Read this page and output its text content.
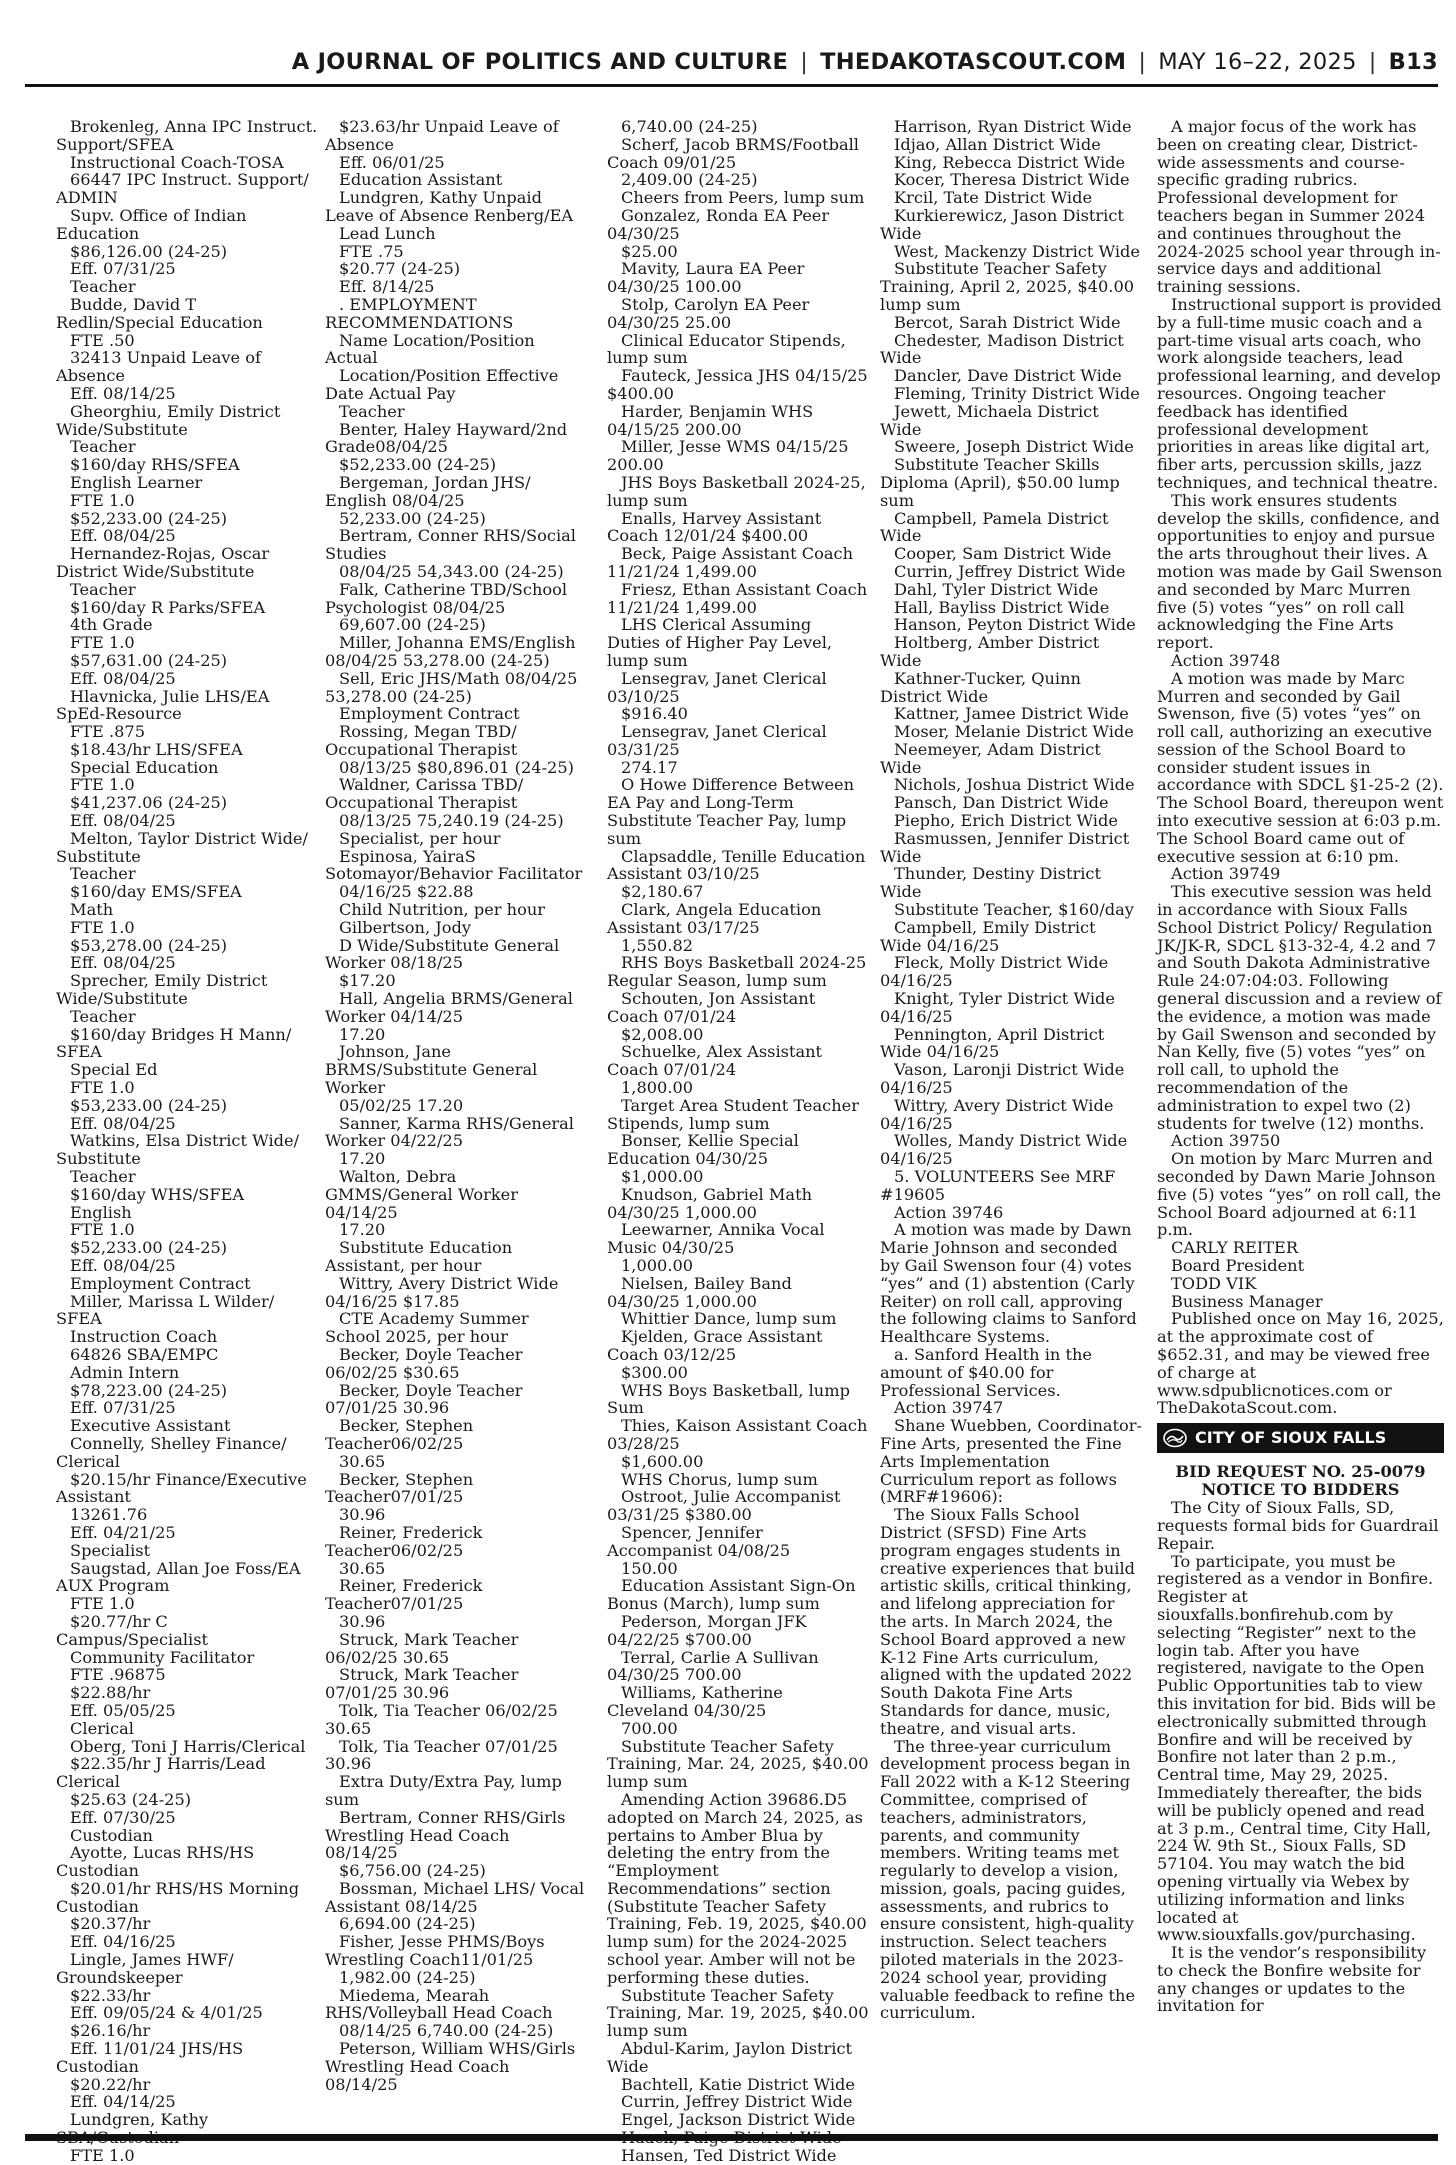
A JOURNAL OF POLITICS AND CULTURE | THEDAKOTASCOUT.COM | MAY 16–22, 2025 | B13
Brokenleg, Anna IPC Instruct. Support/SFEA
Instructional Coach-TOSA
66447 IPC Instruct. Support/ ADMIN
Supv. Office of Indian Education
$86,126.00 (24-25)
Eff. 07/31/25
Teacher
Budde, David T Redlin/Special Education
FTE .50
32413 Unpaid Leave of Absence
Eff. 08/14/25
Gheorghiu, Emily District Wide/Substitute
Teacher
$160/day RHS/SFEA
English Learner
FTE 1.0
$52,233.00 (24-25)
Eff. 08/04/25
Hernandez-Rojas, Oscar District Wide/Substitute
Teacher
$160/day R Parks/SFEA
4th Grade
FTE 1.0
$57,631.00 (24-25)
Eff. 08/04/25
Hlavnicka, Julie LHS/EA SpEd-Resource
FTE .875
$18.43/hr LHS/SFEA
Special Education
FTE 1.0
$41,237.06 (24-25)
Eff. 08/04/25
Melton, Taylor District Wide/ Substitute
Teacher
$160/day EMS/SFEA
Math
FTE 1.0
$53,278.00 (24-25)
Eff. 08/04/25
Sprecher, Emily District Wide/Substitute
Teacher
$160/day Bridges H Mann/ SFEA
Special Ed
FTE 1.0
$53,233.00 (24-25)
Eff. 08/04/25
Watkins, Elsa District Wide/ Substitute
Teacher
$160/day WHS/SFEA
English
FTE 1.0
$52,233.00 (24-25)
Eff. 08/04/25
Employment Contract
Miller, Marissa L Wilder/ SFEA
Instruction Coach
64826 SBA/EMPC
Admin Intern
$78,223.00 (24-25)
Eff. 07/31/25
Executive Assistant
Connelly, Shelley Finance/ Clerical
$20.15/hr Finance/Executive Assistant
13261.76
Eff. 04/21/25
Specialist
Saugstad, Allan Joe Foss/EA AUX Program
FTE 1.0
$20.77/hr C Campus/Specialist
Community Facilitator
FTE .96875
$22.88/hr
Eff. 05/05/25
Clerical
Oberg, Toni J Harris/Clerical
$22.35/hr J Harris/Lead Clerical
$25.63 (24-25)
Eff. 07/30/25
Custodian
Ayotte, Lucas RHS/HS Custodian
$20.01/hr RHS/HS Morning Custodian
$20.37/hr
Eff. 04/16/25
Lingle, James HWF/ Groundskeeper
$22.33/hr
Eff. 09/05/24 & 4/01/25
$26.16/hr
Eff. 11/01/24 JHS/HS Custodian
$20.22/hr
Eff. 04/14/25
Lundgren, Kathy
FTE 1.0
$23.63/hr Unpaid Leave of Absence
Eff. 06/01/25
Education Assistant
Lundgren, Kathy Unpaid Leave of Absence Renberg/EA
Lead Lunch
FTE .75
$20.77 (24-25)
Eff. 8/14/25
. EMPLOYMENT RECOMMENDATIONS
Name Location/Position Actual
Location/Position Effective Date Actual Pay
Teacher
Benter, Haley Hayward/2nd Grade08/04/25
$52,233.00 (24-25)
Bergeman, Jordan JHS/ English 08/04/25
52,233.00 (24-25)
Bertram, Conner RHS/Social Studies
08/04/25 54,343.00 (24-25)
Falk, Catherine TBD/School Psychologist 08/04/25
69,607.00 (24-25)
Miller, Johanna EMS/English 08/04/25 53,278.00 (24-25)
Sell, Eric JHS/Math 08/04/25 53,278.00 (24-25)
Employment Contract
Rossing, Megan TBD/ Occupational Therapist
08/13/25 $80,896.01 (24-25)
Waldner, Carissa TBD/ Occupational Therapist
08/13/25 75,240.19 (24-25)
Specialist, per hour
Espinosa, YairaS Sotomayor/Behavior Facilitator
04/16/25 $22.88
Child Nutrition, per hour
Gilbertson, Jody
D Wide/Substitute General Worker 08/18/25
$17.20
Hall, Angelia BRMS/General Worker 04/14/25
17.20
Johnson, Jane BRMS/Substitute General Worker
05/02/25 17.20
Sanner, Karma RHS/General Worker 04/22/25
17.20
Walton, Debra GMMS/General Worker 04/14/25
17.20
Substitute Education Assistant, per hour
Wittry, Avery District Wide 04/16/25 $17.85
CTE Academy Summer School 2025, per hour
Becker, Doyle Teacher 06/02/25 $30.65
Becker, Doyle Teacher 07/01/25 30.96
Becker, Stephen Teacher06/02/25
30.65
Becker, Stephen Teacher07/01/25
30.96
Reiner, Frederick Teacher06/02/25
30.65
Reiner, Frederick Teacher07/01/25
30.96
Struck, Mark Teacher 06/02/25 30.65
Struck, Mark Teacher 07/01/25 30.96
Tolk, Tia Teacher 06/02/25 30.65
Tolk, Tia Teacher 07/01/25 30.96
Extra Duty/Extra Pay, lump sum
Bertram, Conner RHS/Girls Wrestling Head Coach 08/14/25
$6,756.00 (24-25)
Bossman, Michael LHS/ Vocal Assistant 08/14/25
6,694.00 (24-25)
Fisher, Jesse PHMS/Boys Wrestling Coach11/01/25
1,982.00 (24-25)
Miedema, Mearah RHS/Volleyball Head Coach
08/14/25 6,740.00 (24-25)
Peterson, William WHS/Girls Wrestling Head Coach 08/14/25
6,740.00 (24-25)
Scherf, Jacob BRMS/Football Coach 09/01/25
2,409.00 (24-25)
Cheers from Peers, lump sum
Gonzalez, Ronda EA Peer 04/30/25
$25.00
Mavity, Laura EA Peer 04/30/25 100.00
Stolp, Carolyn EA Peer 04/30/25 25.00
Clinical Educator Stipends, lump sum
Fauteck, Jessica JHS 04/15/25 $400.00
Harder, Benjamin WHS 04/15/25 200.00
Miller, Jesse WMS 04/15/25 200.00
JHS Boys Basketball 2024-25, lump sum
Enalls, Harvey Assistant Coach 12/01/24 $400.00
Beck, Paige Assistant Coach 11/21/24 1,499.00
Friesz, Ethan Assistant Coach 11/21/24 1,499.00
LHS Clerical Assuming Duties of Higher Pay Level, lump sum
Lensegrav, Janet Clerical 03/10/25
$916.40
Lensegrav, Janet Clerical 03/31/25
274.17
O Howe Difference Between EA Pay and Long-Term Substitute Teacher Pay, lump sum
Clapsaddle, Tenille Education Assistant 03/10/25
$2,180.67
Clark, Angela Education Assistant 03/17/25
1,550.82
RHS Boys Basketball 2024-25 Regular Season, lump sum
Schouten, Jon Assistant Coach 07/01/24
$2,008.00
Schuelke, Alex Assistant Coach 07/01/24
1,800.00
Target Area Student Teacher Stipends, lump sum
Bonser, Kellie Special Education 04/30/25
$1,000.00
Knudson, Gabriel Math 04/30/25 1,000.00
Leewarner, Annika Vocal Music 04/30/25
1,000.00
Nielsen, Bailey Band 04/30/25 1,000.00
Whittier Dance, lump sum
Kjelden, Grace Assistant Coach 03/12/25
$300.00
WHS Boys Basketball, lump Sum
Thies, Kaison Assistant Coach 03/28/25
$1,600.00
WHS Chorus, lump sum
Ostroot, Julie Accompanist 03/31/25 $380.00
Spencer, Jennifer Accompanist 04/08/25
150.00
Education Assistant Sign-On Bonus (March), lump sum
Pederson, Morgan JFK 04/22/25 $700.00
Terral, Carlie A Sullivan 04/30/25 700.00
Williams, Katherine Cleveland 04/30/25
700.00
Substitute Teacher Safety Training, Mar. 24, 2025, $40.00 lump sum
Amending Action 39686.D5 adopted on March 24, 2025, as pertains to Amber Blua by deleting the entry from the “Employment Recommendations” section (Substitute Teacher Safety Training, Feb. 19, 2025, $40.00 lump sum) for the 2024-2025 school year. Amber will not be performing these duties.
Substitute Teacher Safety Training, Mar. 19, 2025, $40.00 lump sum
Abdul-Karim, Jaylon District Wide
Bachtell, Katie District Wide
Currin, Jeffrey District Wide
Engel, Jackson District Wide
Hansen, Ted District Wide
Harrison, Ryan District Wide
Idjao, Allan District Wide
King, Rebecca District Wide
Kocer, Theresa District Wide
Krcil, Tate District Wide
Kurkierewicz, Jason District Wide
West, Mackenzy District Wide
Substitute Teacher Safety Training, April 2, 2025, $40.00 lump sum
Bercot, Sarah District Wide
Chedester, Madison District Wide
Dancler, Dave District Wide
Fleming, Trinity District Wide
Jewett, Michaela District Wide
Sweere, Joseph District Wide
Substitute Teacher Skills Diploma (April), $50.00 lump sum
Campbell, Pamela District Wide
Cooper, Sam District Wide
Currin, Jeffrey District Wide
Dahl, Tyler District Wide
Hall, Bayliss District Wide
Hanson, Peyton District Wide
Holtberg, Amber District Wide
Kathner-Tucker, Quinn District Wide
Kattner, Jamee District Wide
Moser, Melanie District Wide
Neemeyer, Adam District Wide
Nichols, Joshua District Wide
Pansch, Dan District Wide
Piepho, Erich District Wide
Rasmussen, Jennifer District Wide
Thunder, Destiny District Wide
Substitute Teacher, $160/day
Campbell, Emily District Wide 04/16/25
Fleck, Molly District Wide 04/16/25
Knight, Tyler District Wide 04/16/25
Pennington, April District Wide 04/16/25
Vason, Laronji District Wide 04/16/25
Wittry, Avery District Wide 04/16/25
Wolles, Mandy District Wide 04/16/25
5. VOLUNTEERS See MRF #19605
Action 39746
A motion was made by Dawn Marie Johnson and seconded by Gail Swenson four (4) votes “yes” and (1) abstention (Carly Reiter) on roll call, approving the following claims to Sanford Healthcare Systems.
a. Sanford Health in the amount of $40.00 for Professional Services.
Action 39747
Shane Wuebben, Coordinator-Fine Arts, presented the Fine Arts Implementation Curriculum report as follows (MRF#19606):
The Sioux Falls School District (SFSD) Fine Arts program engages students in creative experiences that build artistic skills, critical thinking, and lifelong appreciation for the arts. In March 2024, the School Board approved a new K-12 Fine Arts curriculum, aligned with the updated 2022 South Dakota Fine Arts Standards for dance, music, theatre, and visual arts.
The three-year curriculum development process began in Fall 2022 with a K-12 Steering Committee, comprised of teachers, administrators, parents, and community members. Writing teams met regularly to develop a vision, mission, goals, pacing guides, assessments, and rubrics to ensure consistent, high-quality instruction. Select teachers piloted materials in the 2023-2024 school year, providing valuable feedback to refine the curriculum.
A major focus of the work has been on creating clear, District-wide assessments and course-specific grading rubrics. Professional development for teachers began in Summer 2024 and continues throughout the 2024-2025 school year through in-service days and additional training sessions.
Instructional support is provided by a full-time music coach and a part-time visual arts coach, who work alongside teachers, lead professional learning, and develop resources. Ongoing teacher feedback has identified professional development priorities in areas like digital art, fiber arts, percussion skills, jazz techniques, and technical theatre.
This work ensures students develop the skills, confidence, and opportunities to enjoy and pursue the arts throughout their lives. A motion was made by Gail Swenson and seconded by Marc Murren five (5) votes “yes” on roll call acknowledging the Fine Arts report.
Action 39748
A motion was made by Marc Murren and seconded by Gail Swenson, five (5) votes “yes” on roll call, authorizing an executive session of the School Board to consider student issues in accordance with SDCL §1-25-2 (2). The School Board, thereupon went into executive session at 6:03 p.m. The School Board came out of executive session at 6:10 pm.
Action 39749
This executive session was held in accordance with Sioux Falls School District Policy/ Regulation JK/JK-R, SDCL §13-32-4, 4.2 and 7 and South Dakota Administrative Rule 24:07:04:03. Following general discussion and a review of the evidence, a motion was made by Gail Swenson and seconded by Nan Kelly, five (5) votes “yes” on roll call, to uphold the recommendation of the administration to expel two (2) students for twelve (12) months.
Action 39750
On motion by Marc Murren and seconded by Dawn Marie Johnson five (5) votes “yes” on roll call, the School Board adjourned at 6:11 p.m.
CARLY REITER
Board President
TODD VIK
Business Manager
Published once on May 16, 2025, at the approximate cost of $652.31, and may be viewed free of charge at www.sdpublicnotices.com or TheDakotaScout.com.
CITY OF SIOUX FALLS
BID REQUEST NO. 25-0079
NOTICE TO BIDDERS
The City of Sioux Falls, SD, requests formal bids for Guardrail Repair.
To participate, you must be registered as a vendor in Bonfire. Register at siouxfalls.bonfirehub.com by selecting “Register” next to the login tab. After you have registered, navigate to the Open Public Opportunities tab to view this invitation for bid. Bids will be electronically submitted through Bonfire and will be received by Bonfire not later than 2 p.m., Central time, May 29, 2025. Immediately thereafter, the bids will be publicly opened and read at 3 p.m., Central time, City Hall, 224 W. 9th St., Sioux Falls, SD 57104. You may watch the bid opening virtually via Webex by utilizing information and links located at www.siouxfalls.gov/purchasing.
It is the vendor’s responsibility to check the Bonfire website for any changes or updates to the invitation for
